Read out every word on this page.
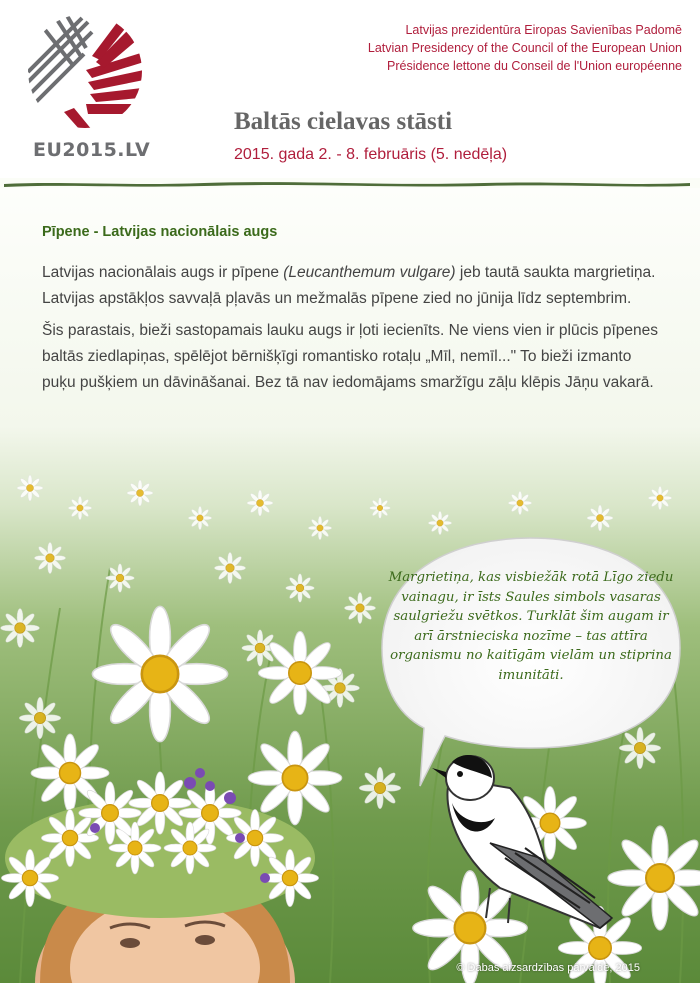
EU2015.LV
Latvijas prezidentūra Eiropas Savienības Padomē
Latvian Presidency of the Council of the European Union
Présidence lettone du Conseil de l'Union européenne
Baltās cielavas stāsti
2015. gada 2. - 8. februāris (5. nedēļa)
Pīpene - Latvijas nacionālais augs

Latvijas nacionālais augs ir pīpene (Leucanthemum vulgare) jeb tautā saukta margrietiņa. Latvijas apstākļos savvaļā pļavās un mežmalās pīpene zied no jūnija līdz septembrim.

Šis parastais, bieži sastopamais lauku augs ir ļoti iecienīts. Ne viens vien ir plūcis pīpenes baltās ziedlapiņas, spēlējot bērnišķīgi romantisko rotaļu „Mīl, nemīl..." To bieži izmanto puķu pušķiem un dāvināšanai. Bez tā nav iedomājams smaržīgu zāļu klēpis Jāņu vakarā.

Margrietiņa, kas visbiežāk rotā Līgo ziedu vainagu, ir īsts Saules simbols vasaras saulgriežu svētkos. Turklāt šim augam ir arī ārstnieciska nozīme – tas attīra organismu no kaitīgām vielām un stiprina imunitāti.
© Dabas aizsardzības pārvalde, 2015
